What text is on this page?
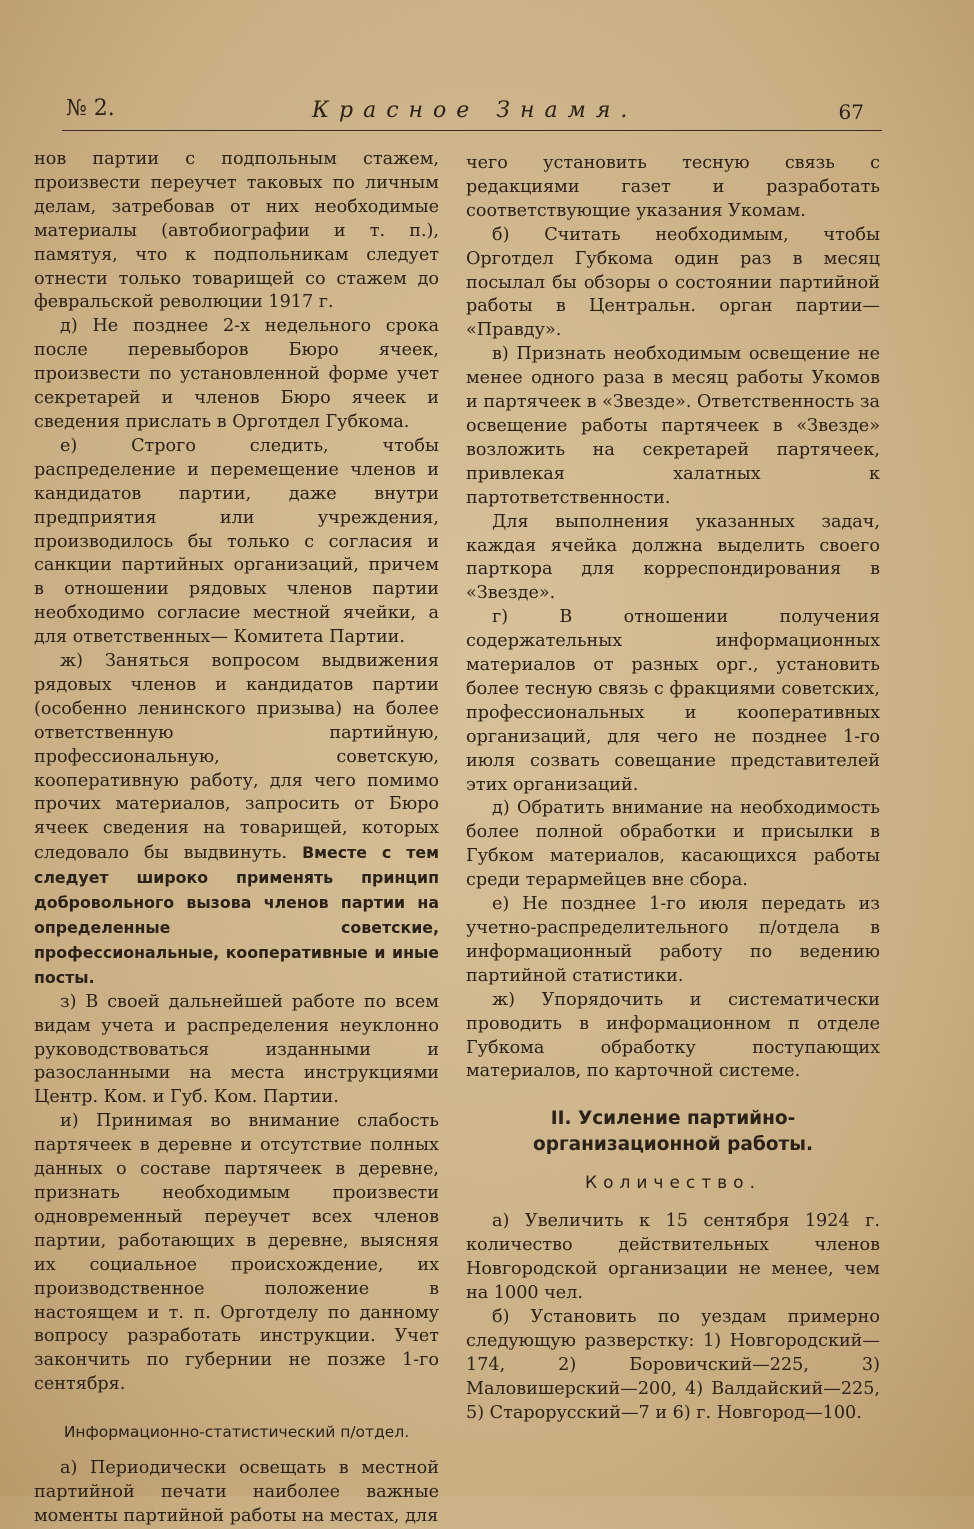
№ 2.	Красное Знамя.	67

нов партии с подпольным стажем, произвести переучет таковых по личным делам, затребовав от них необходимые материалы (автобиографии и т. п.), памятуя, что к подпольникам следует отнести только товарищей со стажем до февральской революции 1917 г.

д) Не позднее 2-х недельного срока после перевыборов Бюро ячеек, произвести по установленной форме учет секретарей и членов Бюро ячеек и сведения прислать в Орготдел Губкома.

е) Строго следить, чтобы распределение и перемещение членов и кандидатов партии, даже внутри предприятия или учреждения, производилось бы только с согласия и санкции партийных организаций, причем в отношении рядовых членов партии необходимо согласие местной ячейки, а для ответственных— Комитета Партии.

ж) Заняться вопросом выдвижения рядовых членов и кандидатов партии (особенно ленинского призыва) на более ответственную партийную, профессиональную, советскую, кооперативную работу, для чего помимо прочих материалов, запросить от Бюро ячеек сведения на товарищей, которых следовало бы выдвинуть. Вместе с тем следует широко применять принцип добровольного вызова членов партии на определенные советские, профессиональные, кооперативные и иные посты.

з) В своей дальнейшей работе по всем видам учета и распределения неуклонно руководствоваться изданными и разосланными на места инструкциями Центр. Ком. и Губ. Ком. Партии.

и) Принимая во внимание слабость партячеек в деревне и отсутствие полных данных о составе партячеек в деревне, признать необходимым произвести одновременный переучет всех членов партии, работающих в деревне, выясняя их социальное происхождение, их производственное положение в настоящем и т. п. Орготделу по данному вопросу разработать инструкции. Учет закончить по губернии не позже 1-го сентября.

Информационно-статистический п/отдел.

а) Периодически освещать в местной партийной печати наиболее важные моменты партийной работы на местах, для

чего установить тесную связь с редакциями газет и разработать соответствующие указания Укомам.

б) Считать необходимым, чтобы Орготдел Губкома один раз в месяц посылал бы обзоры о состоянии партийной работы в Центральн. орган партии— «Правду».

в) Признать необходимым освещение не менее одного раза в месяц работы Укомов и партячеек в «Звезде». Ответственность за освещение работы партячеек в «Звезде» возложить на секретарей партячеек, привлекая халатных к партответственности.

Для выполнения указанных задач, каждая ячейка должна выделить своего парткора для корреспондирования в «Звезде».

г) В отношении получения содержательных информационных материалов от разных орг., установить более тесную связь с фракциями советских, профессиональных и кооперативных организаций, для чего не позднее 1-го июля созвать совещание представителей этих организаций.

д) Обратить внимание на необходимость более полной обработки и присылки в Губком материалов, касающихся работы среди терармейцев вне сбора.

е) Не позднее 1-го июля передать из учетно-распределительного п/отдела в информационный работу по ведению партийной статистики.

ж) Упорядочить и систематически проводить в информационном п отделе Губкома обработку поступающих материалов, по карточной системе.

II. Усиление партийно-организационной работы.
Количество.

а) Увеличить к 15 сентября 1924 г. количество действительных членов Новгородской организации не менее, чем на 1000 чел.

б) Установить по уездам примерно следующую разверстку: 1) Новгородский—174, 2) Боровичский—225, 3) Маловишерский—200, 4) Валдайский—225, 5) Старорусский—7 и 6) г. Новгород—100.
